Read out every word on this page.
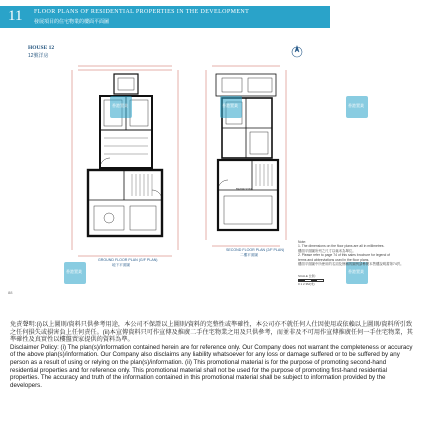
11 FLOOR PLANS OF RESIDENTIAL PROPERTIES IN THE DEVELOPMENT
發展項目的住宅物業的樓面平面圖
HOUSE 12
12號洋房
BEDROOM
GROUND FLOOR PLAN (G/F PLAN)
地下平面圖
SECOND FLOOR PLAN (2/F PLAN)
二樓平面圖
香港置業	香港置業	香港置業
香港置業	香港置業
Note:
1. The dimensions on the floor plans are all in millimetres.
樓面平面圖所列之尺寸以毫米為單位。
2. Please refer to page 74 of this sales brochure for legend of
terms and abbreviations used in the floor plans.
樓面平面圖中所使用的名詞及簡稱的圖例請參閱本售樓說明書第74頁。
SCALE 比例：
0 1 2 3M(米)
88

免責聲明:(i)以上圖則/資料只供參考用途，本公司不保證以上圖則/資料的完整性或準確性，本公司亦不就任何人仕因使用或依賴以上圖則/資料所引致之任何損失或損害負上任何責任。(ii)本宣傳資料只可作宣傳及推廣二手住宅物業之用及只供參考，而並非及不可用作宣傳推廣任何一手住宅物業，其準確性及真實性以樓盤賣家提供的資料為準。

Disclaimer Policy: (i) The plan(s)/information contained herein are for reference only. Our Company does not warrant the completeness or accuracy of the above plan(s)/information. Our Company also disclaims any liability whatsoever for any loss or damage suffered or to be suffered by any person as a result of using or relying on the plan(s)/information. (ii) This promotional material is for the purpose of promoting second-hand residential properties and for reference only. This promotional material shall not be used for the purpose of promoting first-hand residential properties. The accuracy and truth of the information contained in this promotional material shall be subject to information provided by the developers.
